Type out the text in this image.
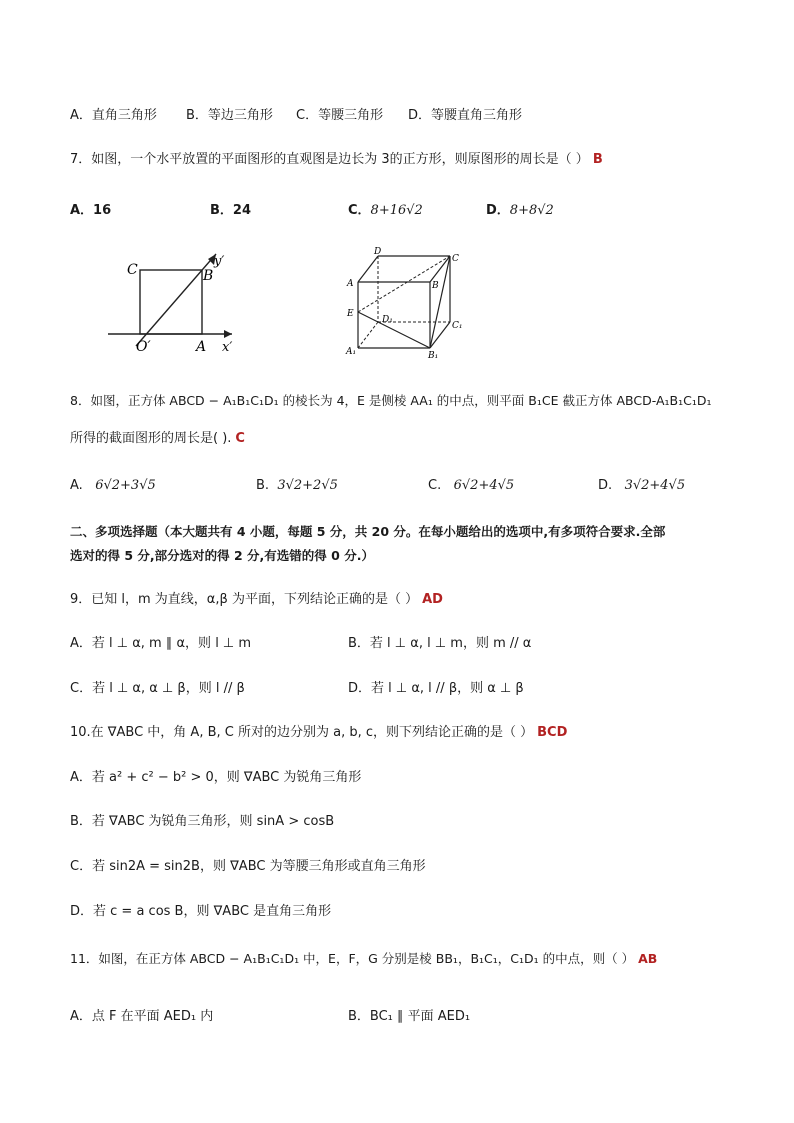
A．直角三角形 B．等边三角形 C．等腰三角形 D．等腰直角三角形
7．如图，一个水平放置的平面图形的直观图是边长为 3的正方形，则原图形的周长是（ ） B
A．16	B．24	C．8+16√2	D．8+8√2
C	B
y′
O′	A x′
D
C
A	B
E
D₁
C₁
A₁	B₁
8．如图，正方体 ABCD − A₁B₁C₁D₁ 的棱长为 4，E 是侧棱 AA₁ 的中点，则平面 B₁CE 截正方体 ABCD-A₁B₁C₁D₁
所得的截面图形的周长是( ). C
A. 6√2+3√5	B. 3√2+2√5	C. 6√2+4√5	D. 3√2+4√5
二、多项选择题（本大题共有 4 小题，每题 5 分，共 20 分。在每小题给出的选项中,有多项符合要求.全部
选对的得 5 分,部分选对的得 2 分,有选错的得 0 分.）
9．已知 l，m 为直线，α,β 为平面，下列结论正确的是（ ） AD
A．若 l ⊥ α, m ∥ α，则 l ⊥ m	B．若 l ⊥ α, l ⊥ m，则 m // α
C．若 l ⊥ α, α ⊥ β，则 l // β	D．若 l ⊥ α, l // β，则 α ⊥ β
10.在 ∇ABC 中，角 A, B, C 所对的边分别为 a, b, c，则下列结论正确的是（ ） BCD
A．若 a² + c² − b² > 0，则 ∇ABC 为锐角三角形
B．若 ∇ABC 为锐角三角形，则 sinA > cosB
C．若 sin2A = sin2B，则 ∇ABC 为等腰三角形或直角三角形
D．若 c = a cos B，则 ∇ABC 是直角三角形
11．如图，在正方体 ABCD − A₁B₁C₁D₁ 中，E，F，G 分别是棱 BB₁，B₁C₁，C₁D₁ 的中点，则（ ） AB
A．点 F 在平面 AED₁ 内	B．BC₁ ∥ 平面 AED₁
